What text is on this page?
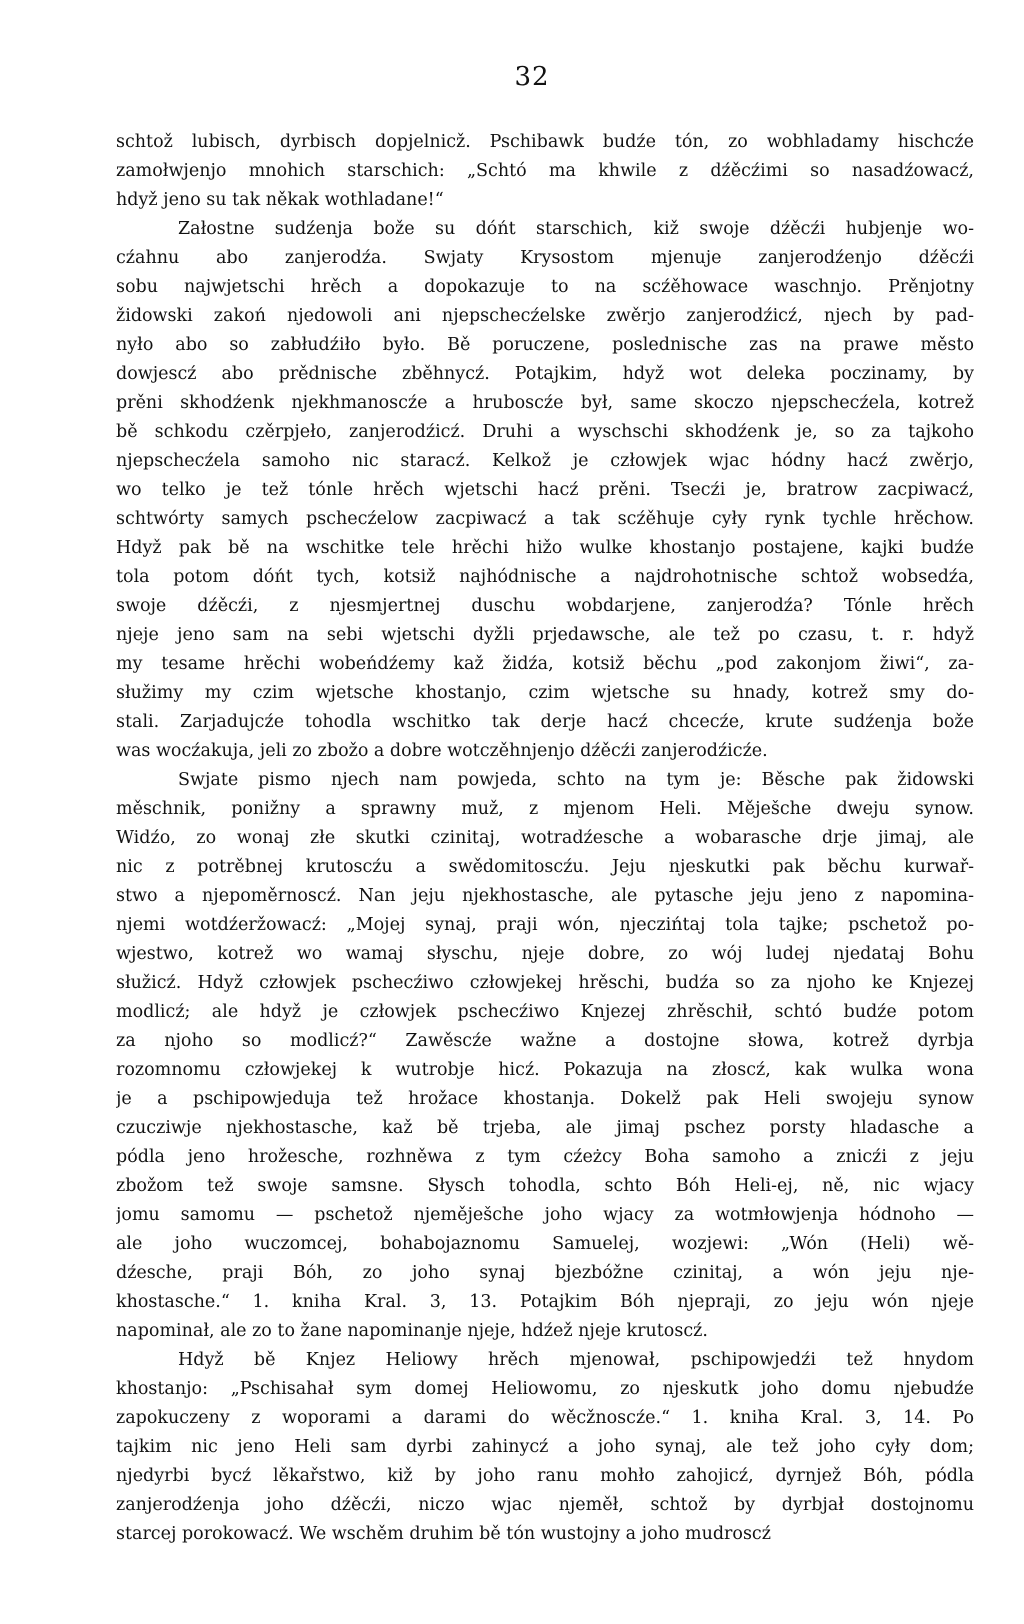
32
schtož lubisch, dyrbisch dopjelnicž. Pschibawk budźe tón, zo wobhladamy hischcźe
zamołwjenjo mnohich starschich: „Schtó ma khwile z dźěcźimi so nasadźowacź,
hdyž jeno su tak někak wothladane!“
Załostne sudźenja bože su dóńt starschich, kiž swoje dźěcźi hubjenje wo-
cźahnu abo zanjerodźa. Swjaty Krysostom mjenuje zanjerodźenjo dźěcźi
sobu najwjetschi hrěch a dopokazuje to na scźěhowace waschnjo. Prěnjotny
židowski zakoń njedowoli ani njepschecźelske zwěrjo zanjerodźicź, njech by pad-
nyło abo so zabłudźiło było. Bě poruczene, poslednische zas na prawe město
dowjescź abo prědnische zběhnycź. Potajkim, hdyž wot deleka poczinamy, by
prěni skhodźenk njekhmanoscźe a hruboscźe był, same skoczo njepschecźela, kotrež
bě schkodu czěrpjeło, zanjerodźicź. Druhi a wyschschi skhodźenk je, so za tajkoho
njepschecźela samoho nic staracź. Kelkož je człowjek wjac hódny hacź zwěrjo,
wo telko je tež tónle hrěch wjetschi hacź prěni. Tsecźi je, bratrow zacpiwacź,
schtwórty samych pschecźelow zacpiwacź a tak scźěhuje cyły rynk tychle hrěchow.
Hdyž pak bě na wschitke tele hrěchi hižo wulke khostanjo postajene, kajki budźe
tola potom dóńt tych, kotsiž najhódnische a najdrohotnische schtož wobsedźa,
swoje dźěcźi, z njesmjertnej duschu wobdarjene, zanjerodźa? Tónle hrěch
njeje jeno sam na sebi wjetschi dyžli prjedawsche, ale tež po czasu, t. r. hdyž
my tesame hrěchi wobeńdźemy kaž židźa, kotsiž běchu „pod zakonjom žiwi“, za-
słužimy my czim wjetsche khostanjo, czim wjetsche su hnady, kotrež smy do-
stali. Zarjadujcźe tohodla wschitko tak derje hacź chcecźe, krute sudźenja bože
was wocźakuja, jeli zo zbožo a dobre wotczěhnjenjo dźěcźi zanjerodźicźe.
Swjate pismo njech nam powjeda, schto na tym je: Běsche pak židowski
měschnik, ponižny a sprawny muž, z mjenom Heli. Měješche dweju synow.
Widźo, zo wonaj złe skutki czinitaj, wotradźesche a wobarasche drje jimaj, ale
nic z potrěbnej krutoscźu a swědomitoscźu. Jeju njeskutki pak běchu kurwař-
stwo a njepoměrnoscź. Nan jeju njekhostasche, ale pytasche jeju jeno z napomina-
njemi wotdźeržowacź: „Mojej synaj, praji wón, njeczińtaj tola tajke; pschetož po-
wjestwo, kotrež wo wamaj słyschu, njeje dobre, zo wój ludej njedataj Bohu
słužicź. Hdyž człowjek pschecźiwo człowjekej hrěschi, budźa so za njoho ke Knjezej
modlicź; ale hdyž je człowjek pschecźiwo Knjezej zhrěschił, schtó budźe potom
za njoho so modlicź?“ Zawěscźe wažne a dostojne słowa, kotrež dyrbja
rozomnomu człowjekej k wutrobje hicź. Pokazuja na złoscź, kak wulka wona
je a pschipowjeduja tež hrožace khostanja. Dokelž pak Heli swojeju synow
czucziwje njekhostasche, kaž bě trjeba, ale jimaj pschez porsty hladasche a
pódla jeno hrožesche, rozhněwa z tym cźeżcy Boha samoho a znicźi z jeju
zbožom tež swoje samsne. Słysch tohodla, schto Bóh Heli-ej, ně, nic wjacy
jomu samomu — pschetož njeměješche joho wjacy za wotmłowjenja hódnoho —
ale joho wuczomcej, bohabojaznomu Samuelej, wozjewi: „Wón (Heli) wě-
dźesche, praji Bóh, zo joho synaj bjezbóžne czinitaj, a wón jeju nje-
khostasche.“ 1. kniha Kral. 3, 13. Potajkim Bóh njepraji, zo jeju wón njeje
napominał, ale zo to žane napominanje njeje, hdźež njeje krutoscź.
Hdyž bě Knjez Heliowy hrěch mjenował, pschipowjedźi tež hnydom
khostanjo: „Pschisahał sym domej Heliowomu, zo njeskutk joho domu njebudźe
zapokuczeny z woporami a darami do wěcžnoscźe.“ 1. kniha Kral. 3, 14. Po
tajkim nic jeno Heli sam dyrbi zahinycź a joho synaj, ale tež joho cyły dom;
njedyrbi bycź lěkařstwo, kiž by joho ranu mohło zahojicź, dyrnjež Bóh, pódla
zanjerodźenja joho dźěcźi, niczo wjac njeměł, schtož by dyrbjał dostojnomu
starcej porokowacź. We wschěm druhim bě tón wustojny a joho mudroscź
